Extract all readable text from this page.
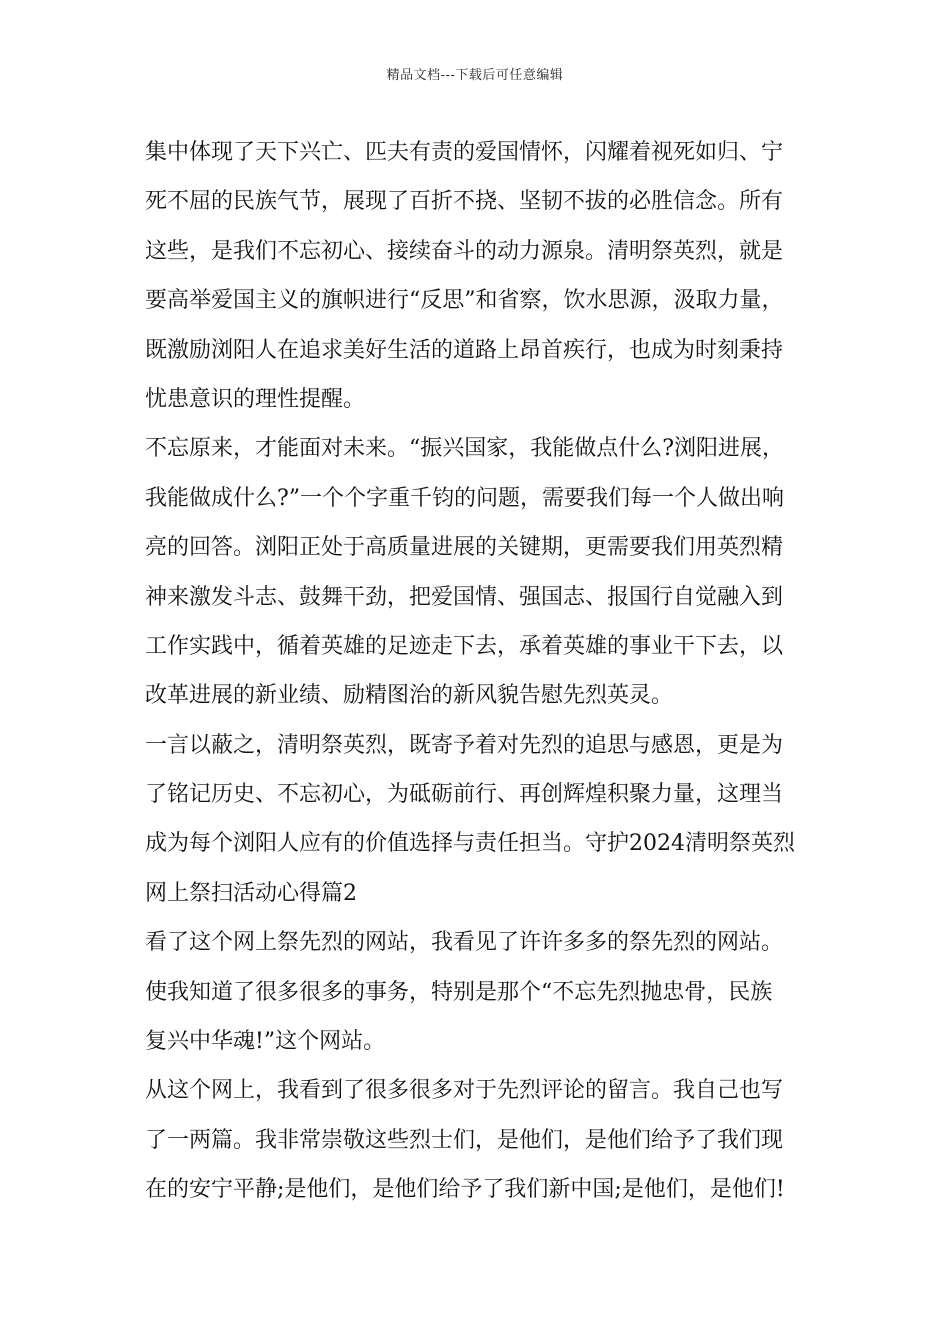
精品文档---下载后可任意编辑
集中体现了天下兴亡、匹夫有责的爱国情怀，闪耀着视死如归、宁
死不屈的民族气节，展现了百折不挠、坚韧不拔的必胜信念。所有
这些，是我们不忘初心、接续奋斗的动力源泉。清明祭英烈，就是
要高举爱国主义的旗帜进行“反思”和省察，饮水思源，汲取力量，
既激励浏阳人在追求美好生活的道路上昂首疾行，也成为时刻秉持
忧患意识的理性提醒。
不忘原来，才能面对未来。“振兴国家，我能做点什么?浏阳进展，
我能做成什么?”一个个字重千钧的问题，需要我们每一个人做出响
亮的回答。浏阳正处于高质量进展的关键期，更需要我们用英烈精
神来激发斗志、鼓舞干劲，把爱国情、强国志、报国行自觉融入到
工作实践中，循着英雄的足迹走下去，承着英雄的事业干下去，以
改革进展的新业绩、励精图治的新风貌告慰先烈英灵。
一言以蔽之，清明祭英烈，既寄予着对先烈的追思与感恩，更是为
了铭记历史、不忘初心，为砥砺前行、再创辉煌积聚力量，这理当
成为每个浏阳人应有的价值选择与责任担当。守护2024清明祭英烈
网上祭扫活动心得篇2
看了这个网上祭先烈的网站，我看见了许许多多的祭先烈的网站。
使我知道了很多很多的事务，特别是那个“不忘先烈抛忠骨，民族
复兴中华魂!”这个网站。
从这个网上，我看到了很多很多对于先烈评论的留言。我自己也写
了一两篇。我非常崇敬这些烈士们，是他们，是他们给予了我们现
在的安宁平静;是他们，是他们给予了我们新中国;是他们，是他们!
